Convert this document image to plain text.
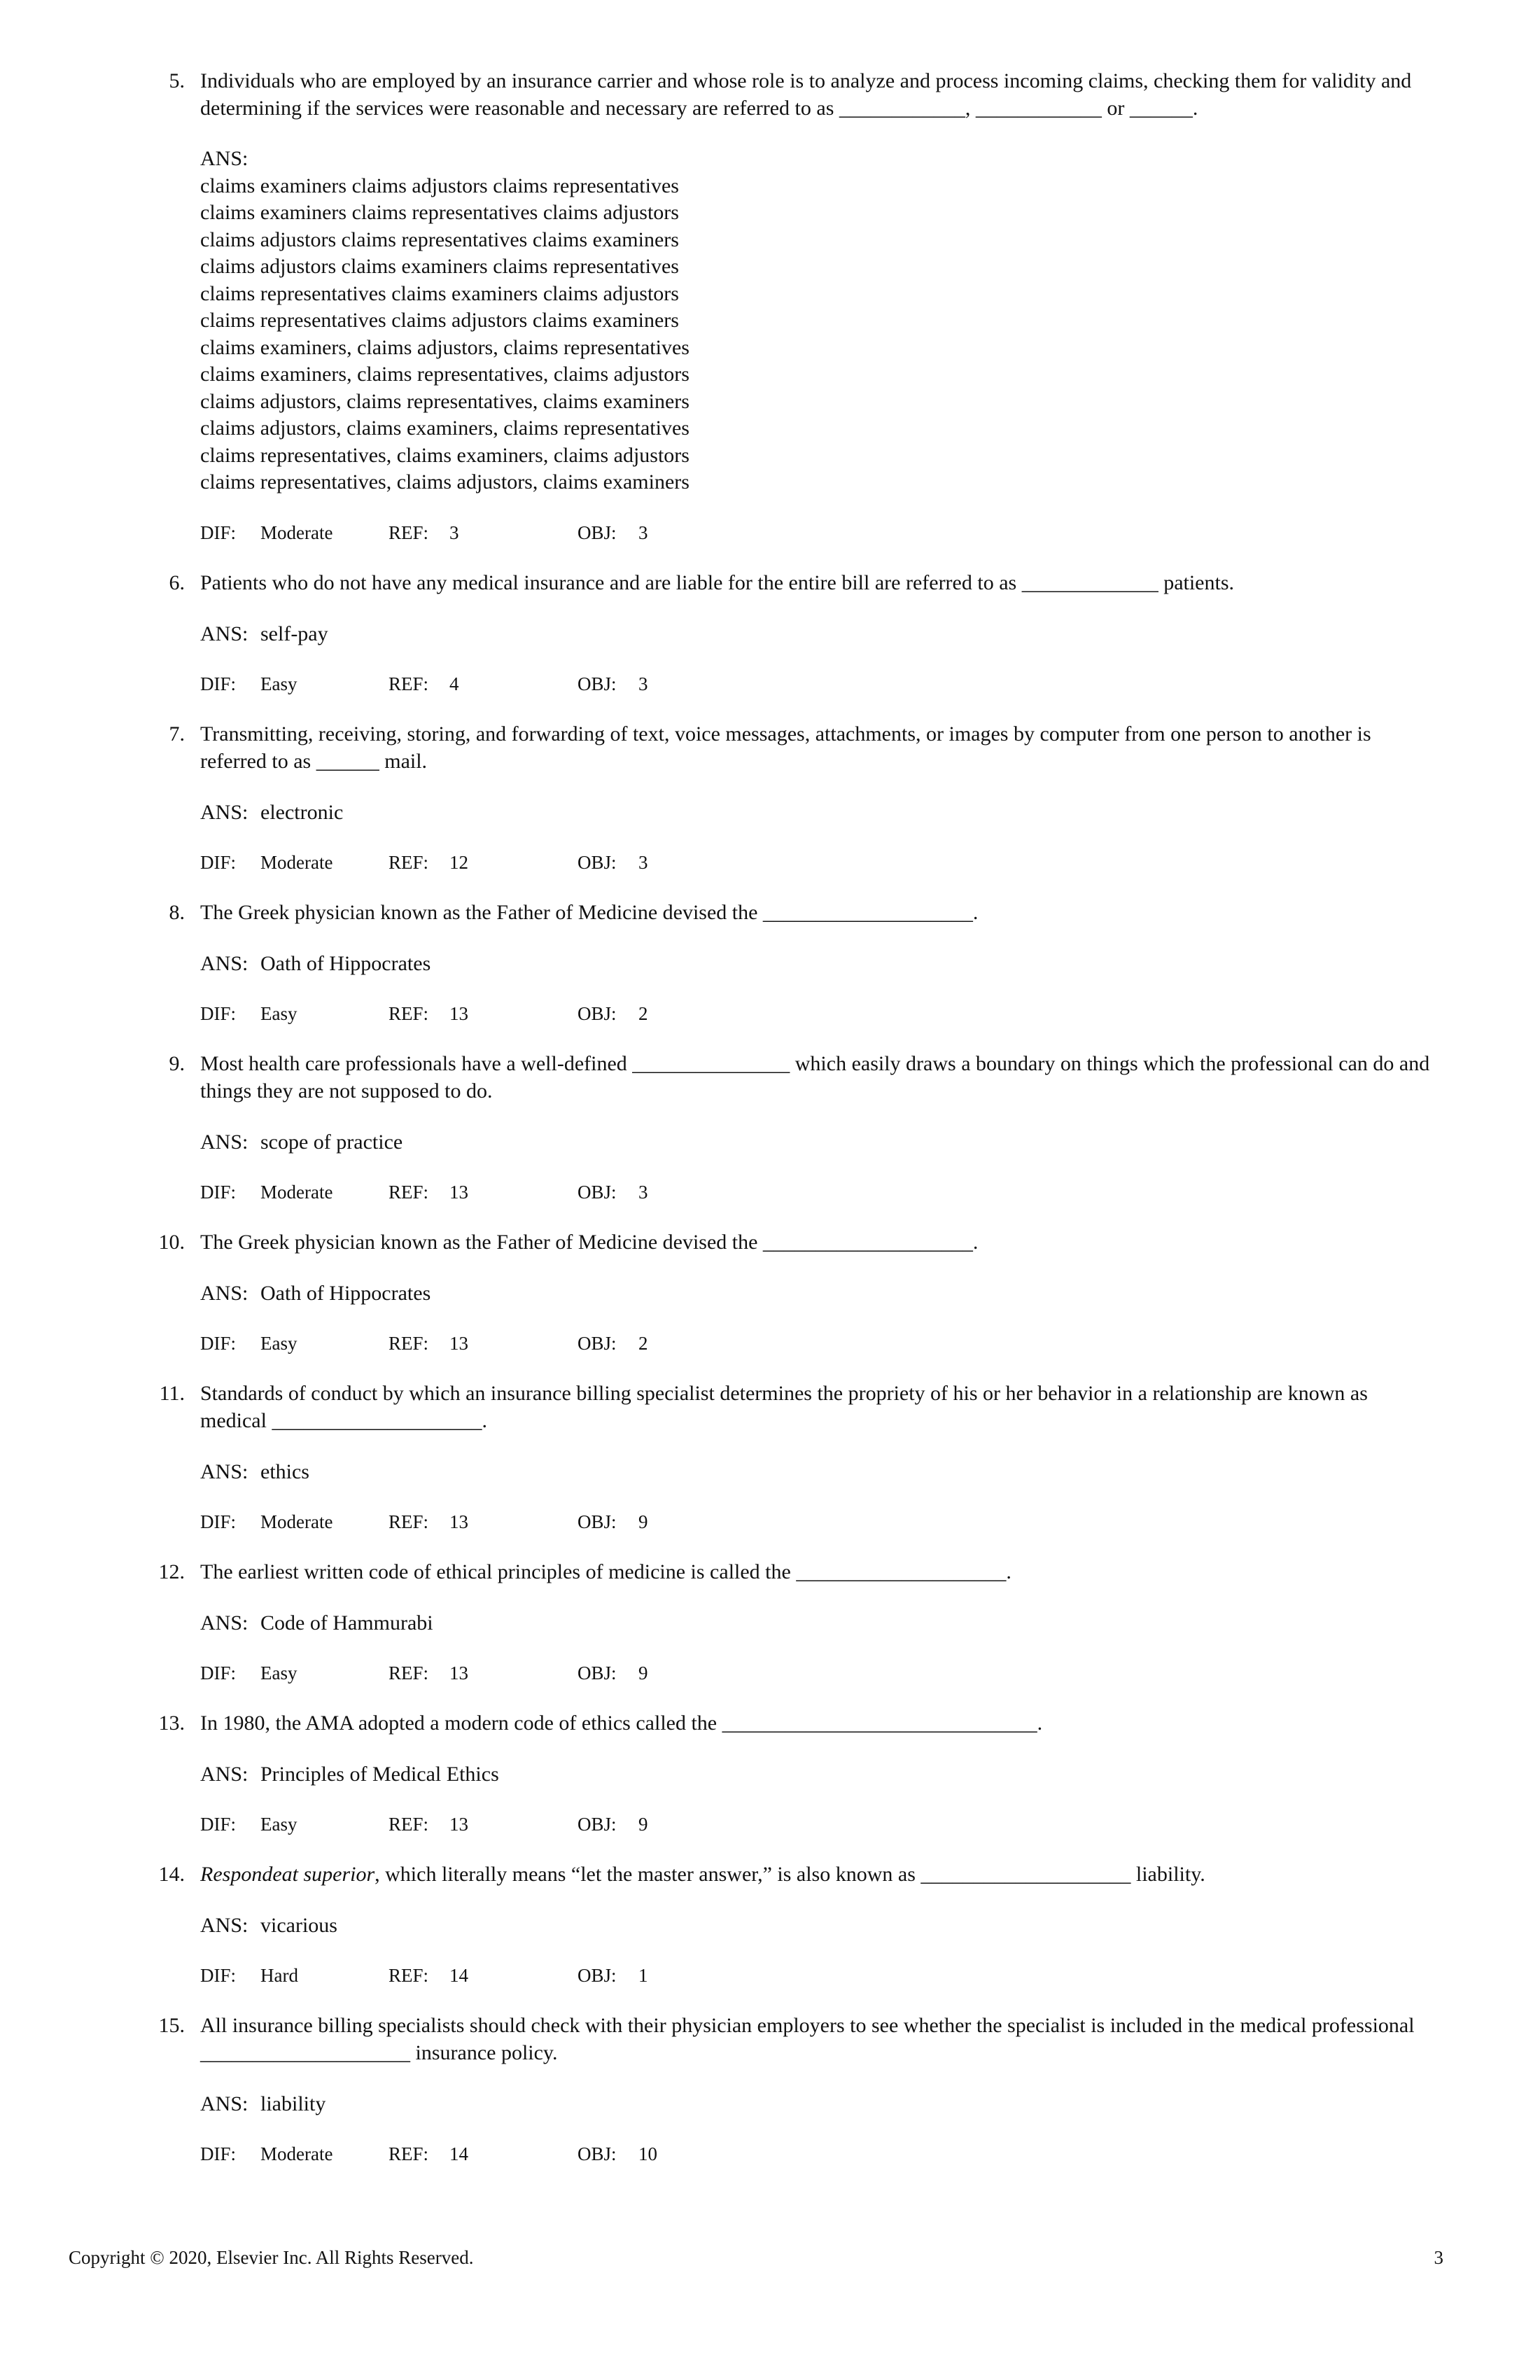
5. Individuals who are employed by an insurance carrier and whose role is to analyze and process incoming claims, checking them for validity and determining if the services were reasonable and necessary are referred to as ____________, ____________ or ______.
ANS:
claims examiners claims adjustors claims representatives
claims examiners claims representatives claims adjustors
claims adjustors claims representatives claims examiners
claims adjustors claims examiners claims representatives
claims representatives claims examiners claims adjustors
claims representatives claims adjustors claims examiners
claims examiners, claims adjustors, claims representatives
claims examiners, claims representatives, claims adjustors
claims adjustors, claims representatives, claims examiners
claims adjustors, claims examiners, claims representatives
claims representatives, claims examiners, claims adjustors
claims representatives, claims adjustors, claims examiners
DIF: Moderate	REF: 3	OBJ: 3
6. Patients who do not have any medical insurance and are liable for the entire bill are referred to as _____________ patients.
ANS: self-pay
DIF: Easy	REF: 4	OBJ: 3
7. Transmitting, receiving, storing, and forwarding of text, voice messages, attachments, or images by computer from one person to another is referred to as ______ mail.
ANS: electronic
DIF: Moderate	REF: 12	OBJ: 3
8. The Greek physician known as the Father of Medicine devised the ____________________.
ANS: Oath of Hippocrates
DIF: Easy	REF: 13	OBJ: 2
9. Most health care professionals have a well-defined _______________ which easily draws a boundary on things which the professional can do and things they are not supposed to do.
ANS: scope of practice
DIF: Moderate	REF: 13	OBJ: 3
10. The Greek physician known as the Father of Medicine devised the ____________________.
ANS: Oath of Hippocrates
DIF: Easy	REF: 13	OBJ: 2
11. Standards of conduct by which an insurance billing specialist determines the propriety of his or her behavior in a relationship are known as medical ____________________.
ANS: ethics
DIF: Moderate	REF: 13	OBJ: 9
12. The earliest written code of ethical principles of medicine is called the ____________________.
ANS: Code of Hammurabi
DIF: Easy	REF: 13	OBJ: 9
13. In 1980, the AMA adopted a modern code of ethics called the ______________________________.
ANS: Principles of Medical Ethics
DIF: Easy	REF: 13	OBJ: 9
14. Respondeat superior, which literally means “let the master answer,” is also known as ____________________ liability.
ANS: vicarious
DIF: Hard	REF: 14	OBJ: 1
15. All insurance billing specialists should check with their physician employers to see whether the specialist is included in the medical professional ____________________ insurance policy.
ANS: liability
DIF: Moderate	REF: 14	OBJ: 10
Copyright © 2020, Elsevier Inc. All Rights Reserved.	3
